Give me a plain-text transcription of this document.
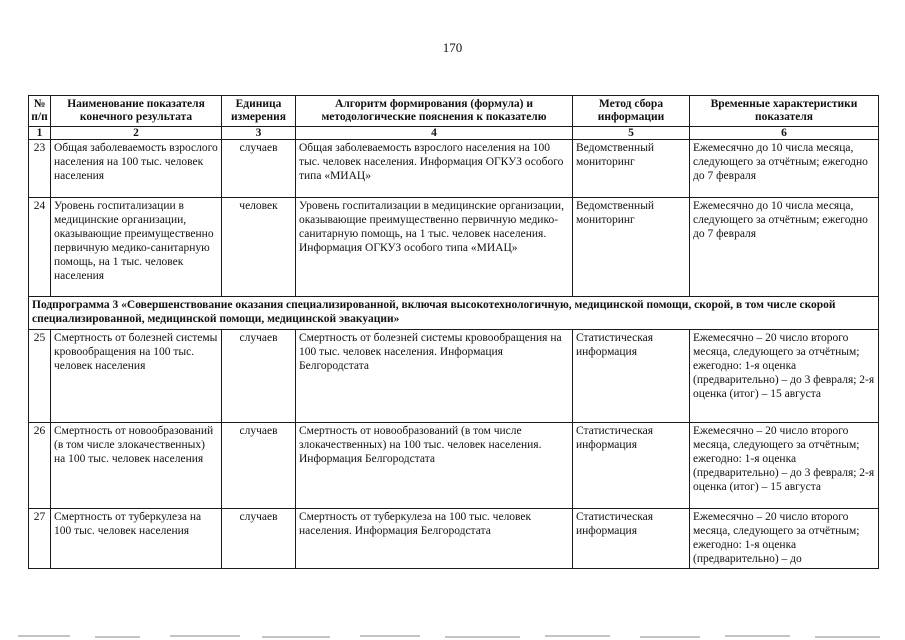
170
№ п/п	Наименование показателя конечного результата	Единица измерения	Алгоритм формирования (формула) и методологические пояснения к показателю	Метод сбора информации	Временные характеристики показателя
1	2	3	4	5	6
23	Общая заболеваемость взрослого населения на 100 тыс. человек населения	случаев	Общая заболеваемость взрослого населения на 100 тыс. человек населения. Информация ОГКУЗ особого типа «МИАЦ»	Ведомственный мониторинг	Ежемесячно до 10 числа месяца, следующего за отчётным; ежегодно до 7 февраля
24	Уровень госпитализации в медицинские организации, оказывающие преимущественно первичную медико-санитарную помощь, на 1 тыс. человек населения	человек	Уровень госпитализации в медицинские организации, оказывающие преимущественно первичную медико-санитарную помощь, на 1 тыс. человек населения. Информация ОГКУЗ особого типа «МИАЦ»	Ведомственный мониторинг	Ежемесячно до 10 числа месяца, следующего за отчётным; ежегодно до 7 февраля
Подпрограмма 3 «Совершенствование оказания специализированной, включая высокотехнологичную, медицинской помощи, скорой, в том числе скорой специализированной, медицинской помощи, медицинской эвакуации»					
25	Смертность от болезней системы кровообращения на 100 тыс. человек населения	случаев	Смертность от болезней системы кровообращения на 100 тыс. человек населения. Информация Белгородстата	Статистическая информация	Ежемесячно – 20 число второго месяца, следующего за отчётным; ежегодно: 1-я оценка (предварительно) – до 3 февраля; 2-я оценка (итог) – 15 августа
26	Смертность от новообразований (в том числе злокачественных) на 100 тыс. человек населения	случаев	Смертность от новообразований (в том числе злокачественных) на 100 тыс. человек населения. Информация Белгородстата	Статистическая информация	Ежемесячно – 20 число второго месяца, следующего за отчётным; ежегодно: 1-я оценка (предварительно) – до 3 февраля; 2-я оценка (итог) – 15 августа
27	Смертность от туберкулеза на 100 тыс. человек населения	случаев	Смертность от туберкулеза на 100 тыс. человек населения. Информация Белгородстата	Статистическая информация	Ежемесячно – 20 число второго месяца, следующего за отчётным; ежегодно: 1-я оценка (предварительно) – до
